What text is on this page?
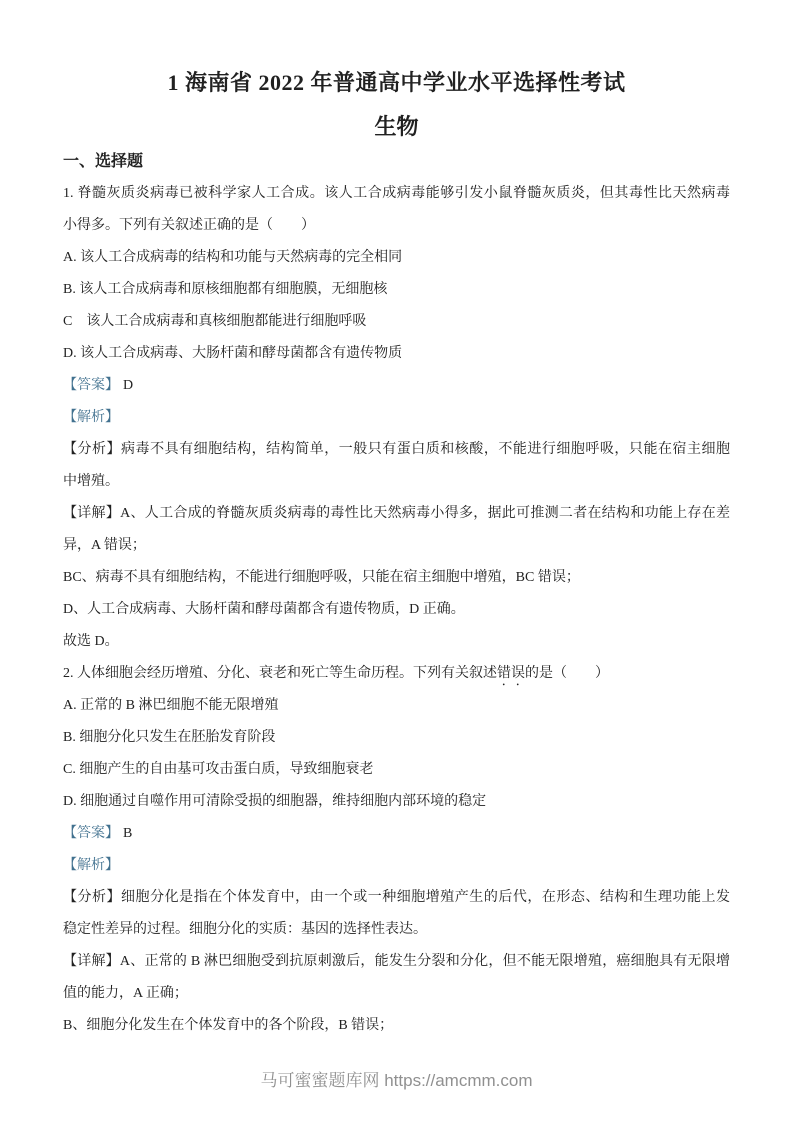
1 海南省 2022 年普通高中学业水平选择性考试
生物
一、选择题
1. 脊髓灰质炎病毒已被科学家人工合成。该人工合成病毒能够引发小鼠脊髓灰质炎，但其毒性比天然病毒
小得多。下列有关叙述正确的是（　　）
A. 该人工合成病毒的结构和功能与天然病毒的完全相同
B. 该人工合成病毒和原核细胞都有细胞膜，无细胞核
C　该人工合成病毒和真核细胞都能进行细胞呼吸
D. 该人工合成病毒、大肠杆菌和酵母菌都含有遗传物质
【答案】 D
【解析】
【分析】病毒不具有细胞结构，结构简单，一般只有蛋白质和核酸，不能进行细胞呼吸，只能在宿主细胞
中增殖。
【详解】A、人工合成的脊髓灰质炎病毒的毒性比天然病毒小得多，据此可推测二者在结构和功能上存在差
异，A 错误；
BC、病毒不具有细胞结构，不能进行细胞呼吸，只能在宿主细胞中增殖，BC 错误；
D、人工合成病毒、大肠杆菌和酵母菌都含有遗传物质，D 正确。
故选 D。
2. 人体细胞会经历增殖、分化、衰老和死亡等生命历程。下列有关叙述错误的是（　　）
A. 正常的 B 淋巴细胞不能无限增殖
B. 细胞分化只发生在胚胎发育阶段
C. 细胞产生的自由基可攻击蛋白质，导致细胞衰老
D. 细胞通过自噬作用可清除受损的细胞器，维持细胞内部环境的稳定
【答案】 B
【解析】
【分析】细胞分化是指在个体发育中，由一个或一种细胞增殖产生的后代，在形态、结构和生理功能上发
稳定性差异的过程。细胞分化的实质：基因的选择性表达。
【详解】A、正常的 B 淋巴细胞受到抗原刺激后，能发生分裂和分化，但不能无限增殖，癌细胞具有无限增
值的能力，A 正确；
B、细胞分化发生在个体发育中的各个阶段，B 错误；
马可蜜蜜题库网 https://amcmm.com
